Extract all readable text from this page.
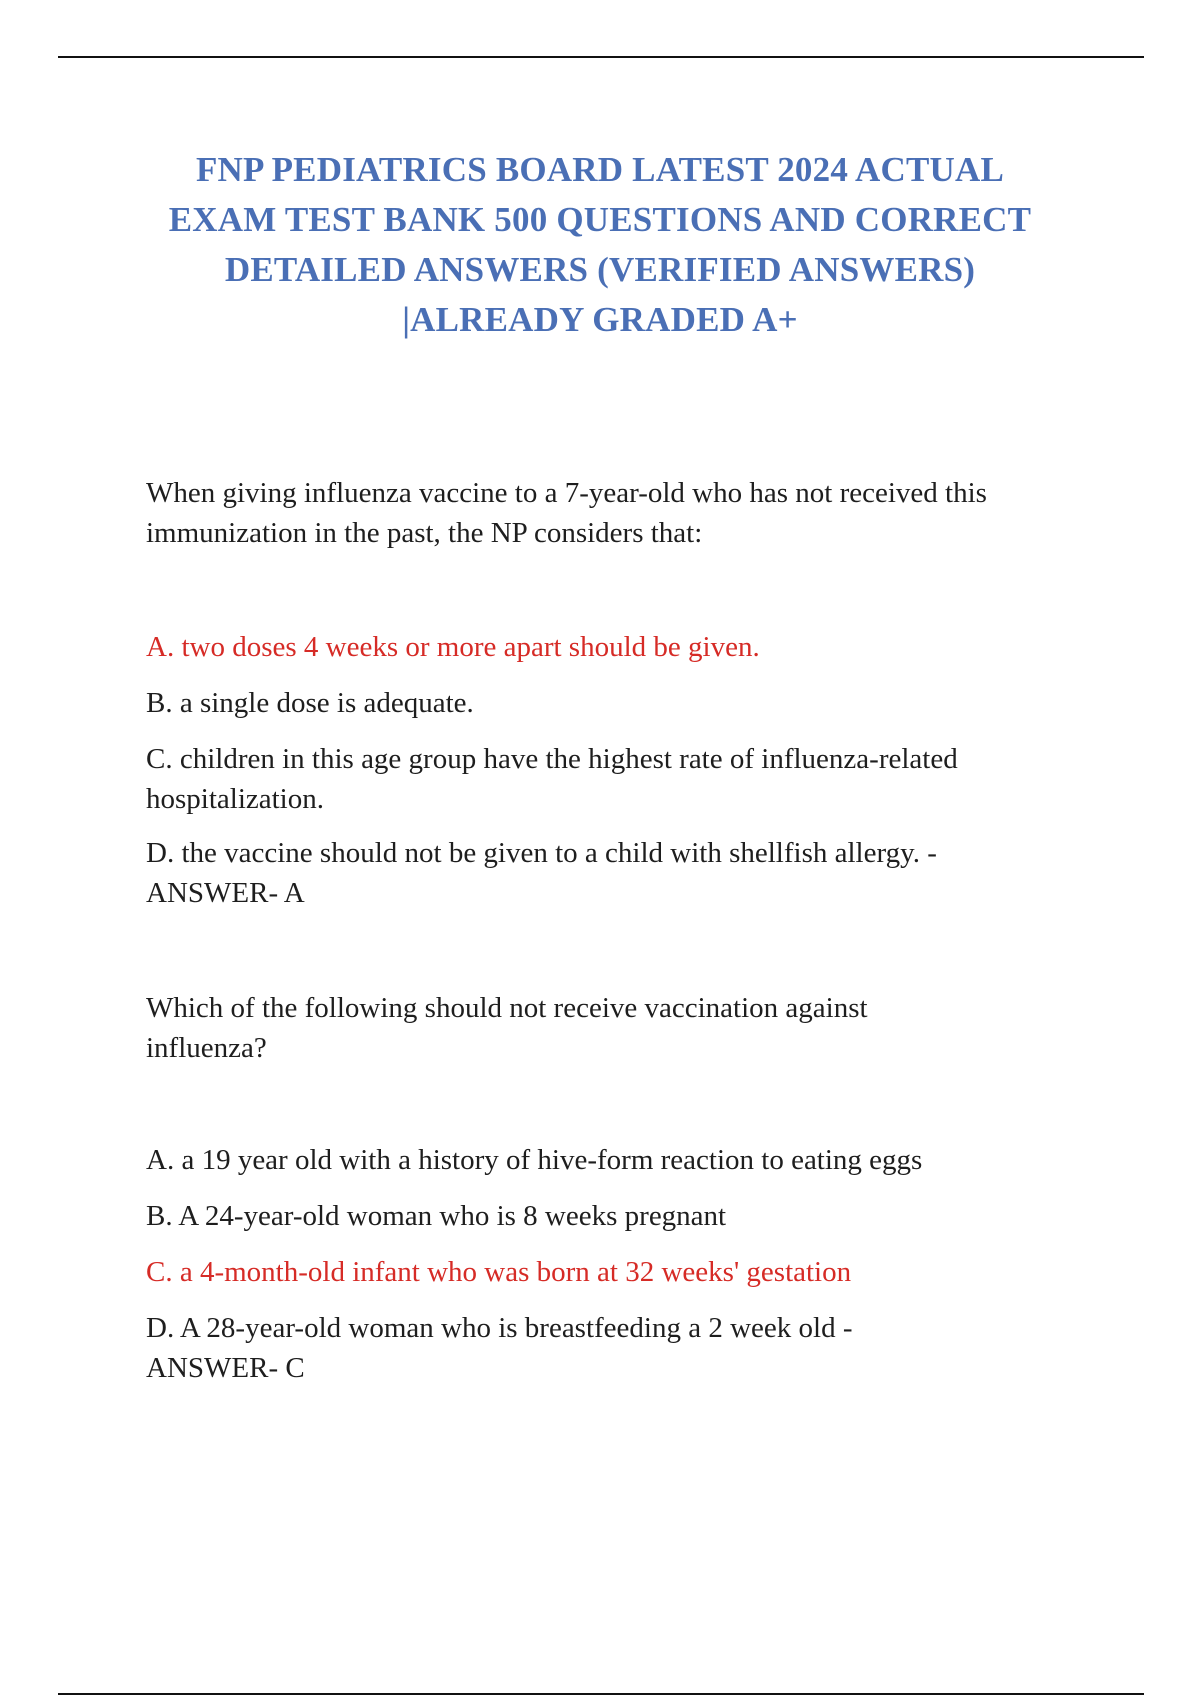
FNP PEDIATRICS BOARD LATEST 2024 ACTUAL
EXAM TEST BANK 500 QUESTIONS AND CORRECT
DETAILED ANSWERS (VERIFIED ANSWERS)
|ALREADY GRADED A+

When giving influenza vaccine to a 7-year-old who has not received this
immunization in the past, the NP considers that:

A. two doses 4 weeks or more apart should be given.

B. a single dose is adequate.

C. children in this age group have the highest rate of influenza-related
hospitalization.

D. the vaccine should not be given to a child with shellfish allergy. -
ANSWER- A

Which of the following should not receive vaccination against
influenza?

A. a 19 year old with a history of hive-form reaction to eating eggs

B. A 24-year-old woman who is 8 weeks pregnant

C. a 4-month-old infant who was born at 32 weeks' gestation

D. A 28-year-old woman who is breastfeeding a 2 week old -
ANSWER- C
